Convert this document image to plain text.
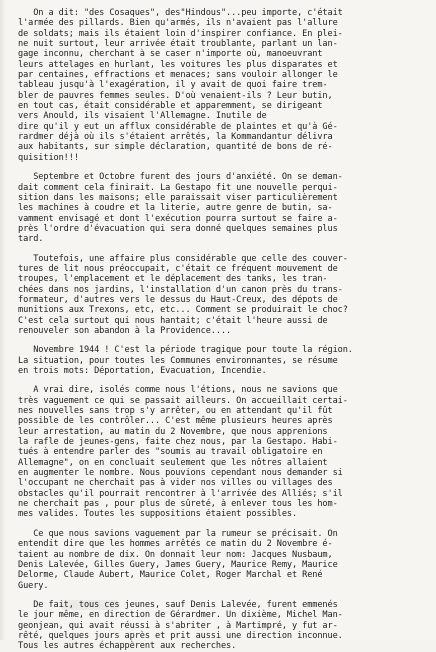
On a dit: "des Cosaques", des"Hindous"...peu importe, c'était
l'armée des pillards. Bien qu'armés, ils n'avaient pas l'allure
de soldats; mais ils étaient loin d'inspirer confiance. En plei-
ne nuit surtout, leur arrivée était troublante, parlant un lan-
gage inconnu, cherchant à se caser n'importe où, manoeuvrant
leurs attelages en hurlant, les voitures les plus disparates et
par centaines, effractions et menaces; sans vouloir allonger le
tableau jusqu'à l'exagération, il y avait de quoi faire trem-
bler de pauvres femmes seules. D'où venaient-ils ? Leur butin,
en tout cas, était considérable et apparemment, se dirigeant
vers Anould, ils visaient l'Allemagne. Inutile de
dire qu'il y eut un afflux considérable de plaintes et qu'à Gé-
rardmer déjà où ils s'étaient arrêtés, la Kommandantur délivra
aux habitants, sur simple déclaration, quantité de bons de ré-
quisition!!!

Septembre et Octobre furent des jours d'anxiété. On se deman-
dait comment cela finirait. La Gestapo fit une nouvelle perqui-
sition dans les maisons; elle paraissait viser particulièrement
les machines à coudre et la literie, autre genre de butin, sa-
vamment envisagé et dont l'exécution pourra surtout se faire a-
près l'ordre d'évacuation qui sera donné quelques semaines plus
tard.

Toutefois, une affaire plus considérable que celle des couver-
tures de lit nous préoccupait, c'était ce fréquent mouvement de
troupes, l'emplacement et le déplacement des tanks, les tran-
chées dans nos jardins, l'installation d'un canon près du trans-
formateur, d'autres vers le dessus du Haut-Creux, des dépots de
munitions aux Trexons, etc, etc... Comment se produirait le choc?
C'est cela surtout qui nous hantait; c'était l'heure aussi de
renouveler son abandon à la Providence....

Novembre 1944 ! C'est la période tragique pour toute la région.
La situation, pour toutes les Communes environnantes, se résume
en trois mots: Déportation, Evacuation, Incendie.

A vrai dire, isolés comme nous l'étions, nous ne savions que
très vaguement ce qui se passait ailleurs. On accueillait certai-
nes nouvelles sans trop s'y arrêter, ou en attendant qu'il fût
possible de les contrôler... C'est même plusieurs heures après
leur arrestation, au matin du 2 Novembre, que nous apprenions
la rafle de jeunes-gens, faite chez nous, par la Gestapo. Habi-
tués à entendre parler des "soumis au travail obligatoire en
Allemagne", on en concluait seulement que les nôtres allaient
en augmenter le nombre. Nous pouvions cependant nous demander si
l'occupant ne cherchait pas à vider nos villes ou villages des
obstacles qu'il pourrait rencontrer à l'arrivée des Alliés; s'il
ne cherchait pas , pour plus de sûreté, à enlever tous les hom-
mes valides. Toutes les suppositions étaient possibles.

Ce que nous savions vaguement par la rumeur se précisait. On
entendit dire que les hommes arrêtés ce matin du 2 Novembre é-
taient au nombre de dix. On donnait leur nom: Jacques Nusbaum,
Denis Lalevée, Gilles Guery, James Guery, Maurice Remy, Maurice
Delorme, Claude Aubert, Maurice Colet, Roger Marchal et René
Guery.

De fait, tous ces jeunes, sauf Denis Lalevée, furent emmenés
le jour même, en direction de Gérardmer. Un dixième, Michel Man-
geonjean, qui avait réussi à s'abriter , à Martimpré, y fut ar-
rêté, quelques jours après et prit aussi une direction inconnue.
Tous les autres échappèrent aux recherches.
